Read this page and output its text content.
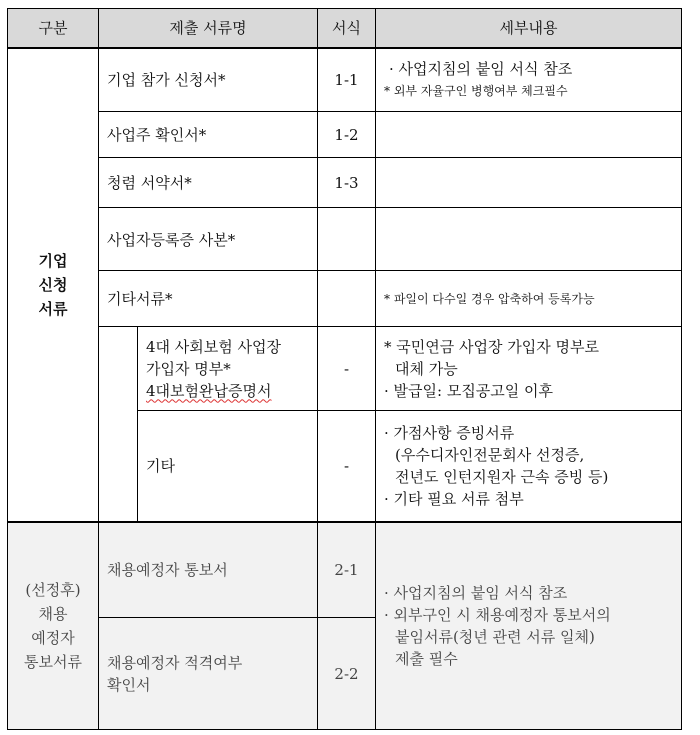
구분	제출 서류명		서식	세부내용

기업
신청
서류	기업 참가 신청서*		1-1	· 사업지침의 붙임 서식 참조
* 외부 자율구인 병행여부 체크필수

	사업주 확인서*		1-2	
	청렴 서약서*		1-3	
	사업자등록증 사본*			
	기타서류*			* 파일이 다수일 경우 압축하여 등록가능

		4대 사회보험 사업장
가입자 명부*
4대보험완납증명서	-	* 국민연금 사업장 가입자 명부로
대체 가능
· 발급일: 모집공고일 이후

		기타	-	· 가점사항 증빙서류
(우수디자인전문회사 선정증,
전년도 인턴지원자 근속 증빙 등)
· 기타 필요 서류 첨부

(선정후)
채용
예정자
통보서류	채용예정자 통보서		2-1	· 사업지침의 붙임 서식 참조
· 외부구인 시 채용예정자 통보서의
붙임서류(청년 관련 서류 일체)
제출 필수

	채용예정자 적격여부
확인서		2-2	
